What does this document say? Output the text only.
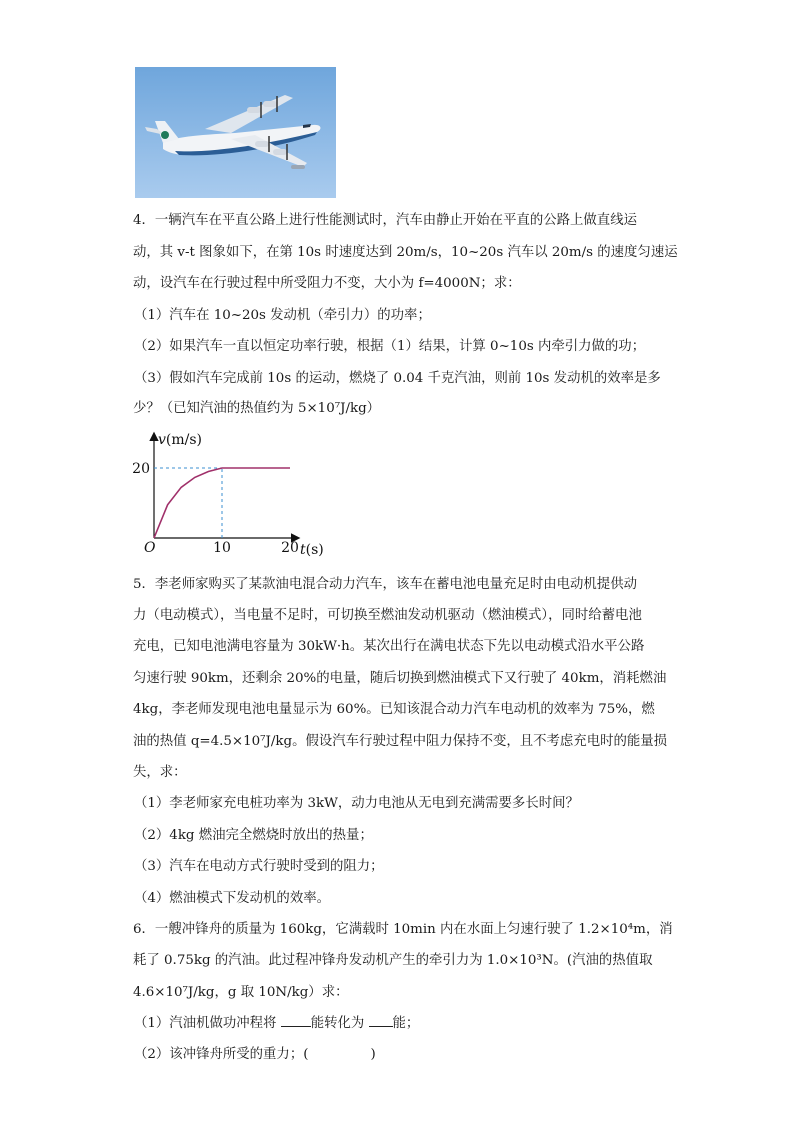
4．一辆汽车在平直公路上进行性能测试时，汽车由静止开始在平直的公路上做直线运
动，其 v-t 图象如下，在第 10s 时速度达到 20m/s，10~20s 汽车以 20m/s 的速度匀速运
动，设汽车在行驶过程中所受阻力不变，大小为 f=4000N；求：
（1）汽车在 10~20s 发动机（牵引力）的功率；
（2）如果汽车一直以恒定功率行驶，根据（1）结果，计算 0~10s 内牵引力做的功；
（3）假如汽车完成前 10s 的运动，燃烧了 0.04 千克汽油，则前 10s 发动机的效率是多
少？（已知汽油的热值约为 5×10⁷J/kg）
v(m/s)
t(s)
O	10	20
20
5．李老师家购买了某款油电混合动力汽车，该车在蓄电池电量充足时由电动机提供动
力（电动模式），当电量不足时，可切换至燃油发动机驱动（燃油模式），同时给蓄电池
充电，已知电池满电容量为 30kW·h。某次出行在满电状态下先以电动模式沿水平公路
匀速行驶 90km，还剩余 20%的电量，随后切换到燃油模式下又行驶了 40km，消耗燃油
4kg，李老师发现电池电量显示为 60%。已知该混合动力汽车电动机的效率为 75%，燃
油的热值 q=4.5×10⁷J/kg。假设汽车行驶过程中阻力保持不变，且不考虑充电时的能量损
失，求：
（1）李老师家充电桩功率为 3kW，动力电池从无电到充满需要多长时间？
（2）4kg 燃油完全燃烧时放出的热量；
（3）汽车在电动方式行驶时受到的阻力；
（4）燃油模式下发动机的效率。
6．一艘冲锋舟的质量为 160kg，它满载时 10min 内在水面上匀速行驶了 1.2×10⁴m，消
耗了 0.75kg 的汽油。此过程冲锋舟发动机产生的牵引力为 1.0×10³N。(汽油的热值取
4.6×10⁷J/kg，g 取 10N/kg）求：
（1）汽油机做功冲程将 能转化为 能；
（2）该冲锋舟所受的重力；(	)
